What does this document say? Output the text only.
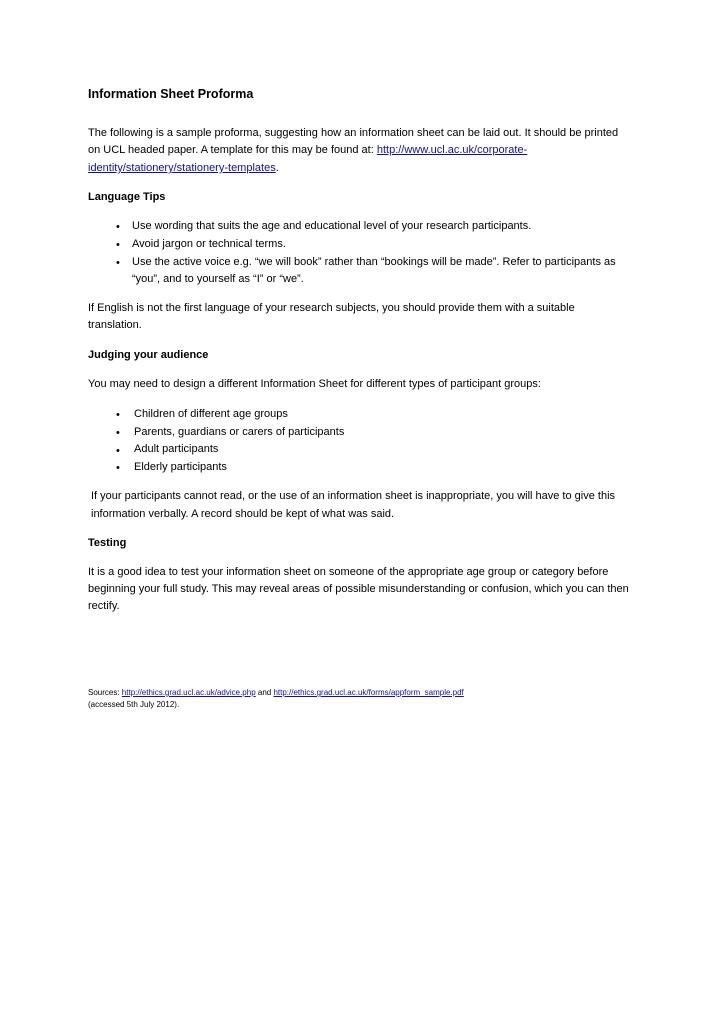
Information Sheet Proforma
The following is a sample proforma, suggesting how an information sheet can be laid out. It should be printed
on UCL headed paper. A template for this may be found at: http://www.ucl.ac.uk/corporate-
identity/stationery/stationery-templates.
Language Tips
• Use wording that suits the age and educational level of your research participants.
• Avoid jargon or technical terms.
• Use the active voice e.g. “we will book” rather than “bookings will be made”. Refer to participants as
“you”, and to yourself as “I” or “we”.
If English is not the first language of your research subjects, you should provide them with a suitable
translation.
Judging your audience
You may need to design a different Information Sheet for different types of participant groups:
• Children of different age groups
• Parents, guardians or carers of participants
• Adult participants
• Elderly participants
If your participants cannot read, or the use of an information sheet is inappropriate, you will have to give this
information verbally. A record should be kept of what was said.
Testing
It is a good idea to test your information sheet on someone of the appropriate age group or category before
beginning your full study. This may reveal areas of possible misunderstanding or confusion, which you can then
rectify.
Sources: http://ethics.grad.ucl.ac.uk/advice.php and http://ethics.grad.ucl.ac.uk/forms/appform_sample.pdf
(accessed 5th July 2012).
